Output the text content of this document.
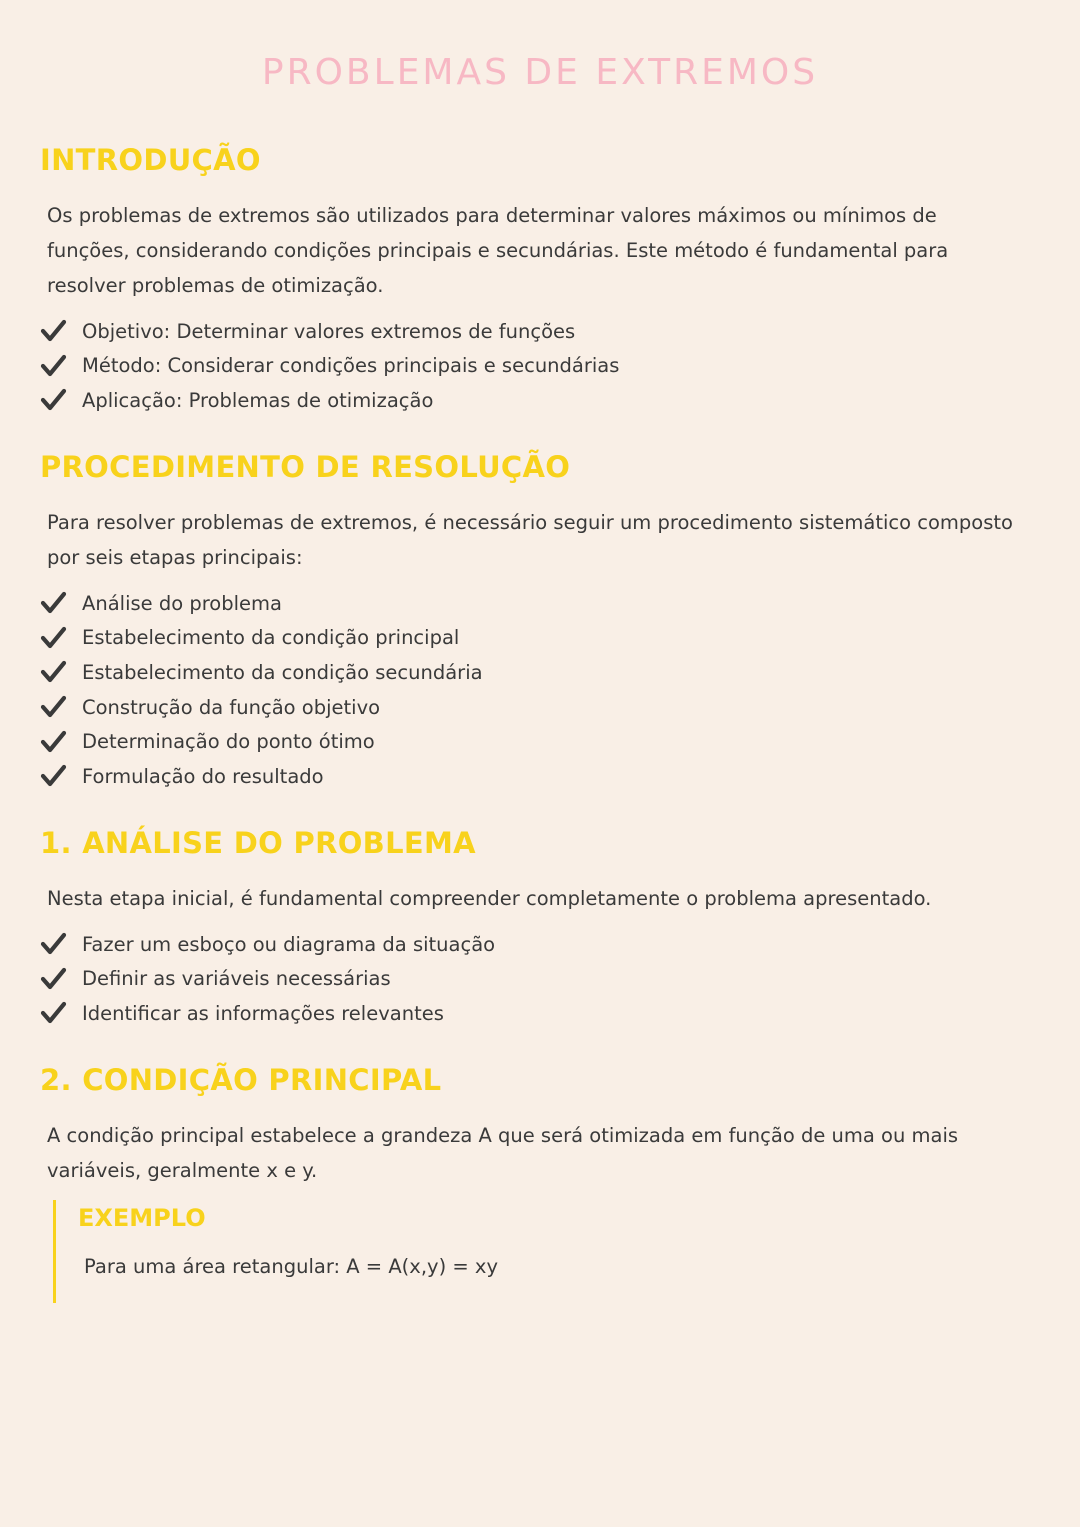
PROBLEMAS DE EXTREMOS
INTRODUÇÃO

Os problemas de extremos são utilizados para determinar valores máximos ou mínimos de funções, considerando condições principais e secundárias. Este método é fundamental para resolver problemas de otimização.

Objetivo: Determinar valores extremos de funções
Método: Considerar condições principais e secundárias
Aplicação: Problemas de otimização
PROCEDIMENTO DE RESOLUÇÃO

Para resolver problemas de extremos, é necessário seguir um procedimento sistemático composto por seis etapas principais:

Análise do problema
Estabelecimento da condição principal
Estabelecimento da condição secundária
Construção da função objetivo
Determinação do ponto ótimo
Formulação do resultado
1. ANÁLISE DO PROBLEMA

Nesta etapa inicial, é fundamental compreender completamente o problema apresentado.

Fazer um esboço ou diagrama da situação
Definir as variáveis necessárias
Identificar as informações relevantes
2. CONDIÇÃO PRINCIPAL

A condição principal estabelece a grandeza A que será otimizada em função de uma ou mais variáveis, geralmente x e y.

EXEMPLO

Para uma área retangular: A = A(x,y) = xy
